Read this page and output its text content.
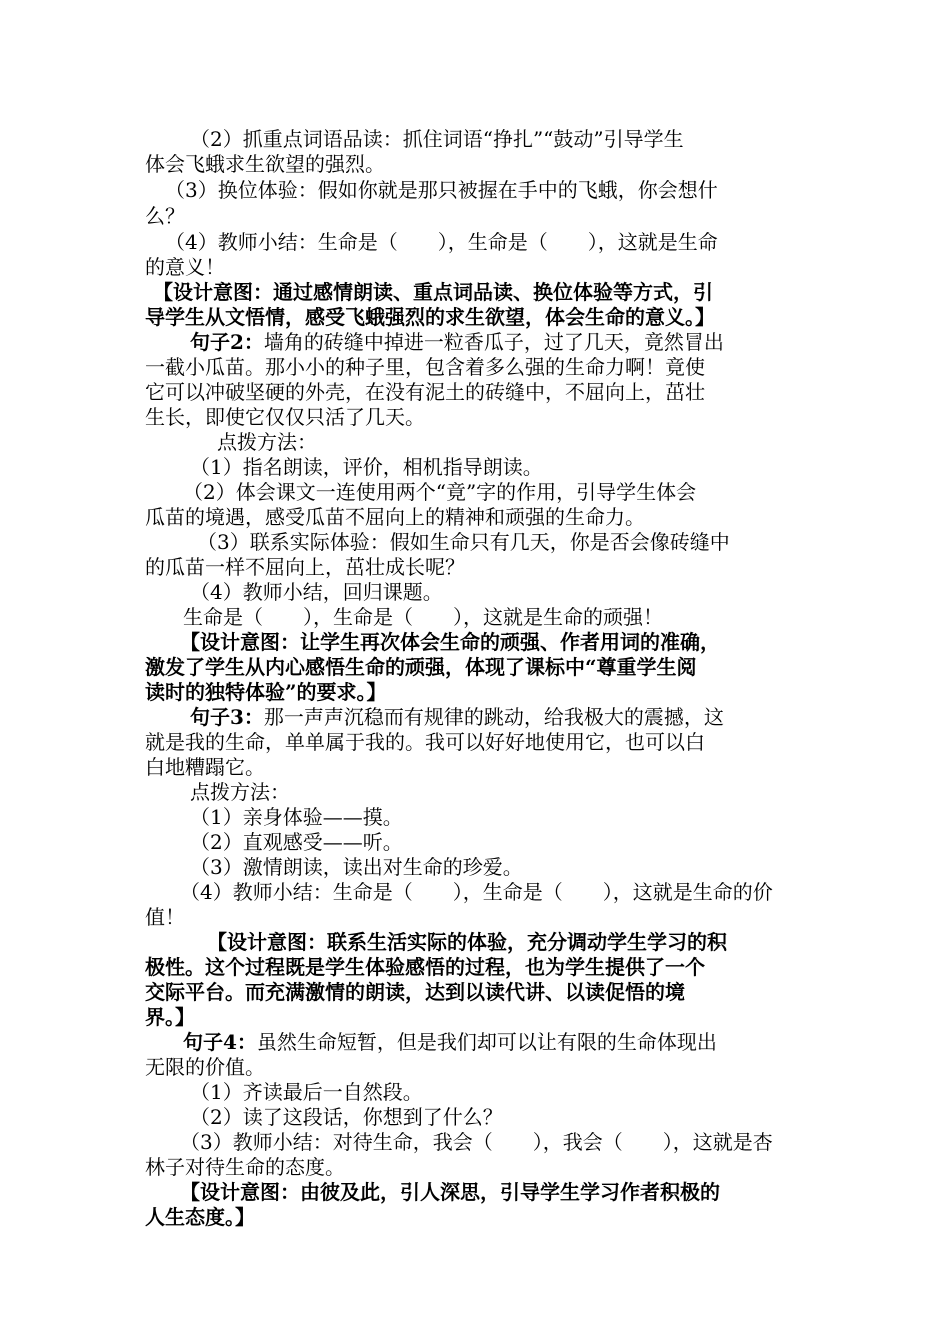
（2）抓重点词语品读：抓住词语“挣扎”“鼓动”引导学生
体会飞蛾求生欲望的强烈。
（3）换位体验：假如你就是那只被握在手中的飞蛾，你会想什
么？
（4）教师小结：生命是（　　），生命是（　　），这就是生命
的意义！
【设计意图：通过感情朗读、重点词品读、换位体验等方式，引
导学生从文悟情，感受飞蛾强烈的求生欲望，体会生命的意义。】
句子2：墙角的砖缝中掉进一粒香瓜子，过了几天，竟然冒出
一截小瓜苗。那小小的种子里，包含着多么强的生命力啊！竟使
它可以冲破坚硬的外壳，在没有泥土的砖缝中，不屈向上，茁壮
生长，即使它仅仅只活了几天。
点拨方法：
（1）指名朗读，评价，相机指导朗读。
（2）体会课文一连使用两个“竟”字的作用，引导学生体会
瓜苗的境遇，感受瓜苗不屈向上的精神和顽强的生命力。
（3）联系实际体验：假如生命只有几天，你是否会像砖缝中
的瓜苗一样不屈向上，茁壮成长呢？
（4）教师小结，回归课题。
生命是（　　），生命是（　　），这就是生命的顽强！
【设计意图：让学生再次体会生命的顽强、作者用词的准确，
激发了学生从内心感悟生命的顽强，体现了课标中“尊重学生阅
读时的独特体验”的要求。】
句子3：那一声声沉稳而有规律的跳动，给我极大的震撼，这
就是我的生命，单单属于我的。我可以好好地使用它，也可以白
白地糟蹋它。
点拨方法：
（1）亲身体验——摸。
（2）直观感受——听。
（3）激情朗读，读出对生命的珍爱。
（4）教师小结：生命是（　　），生命是（　　），这就是生命的价
值！
【设计意图：联系生活实际的体验，充分调动学生学习的积
极性。这个过程既是学生体验感悟的过程，也为学生提供了一个
交际平台。而充满激情的朗读，达到以读代讲、以读促悟的境
界。】
句子4：虽然生命短暂，但是我们却可以让有限的生命体现出
无限的价值。
（1）齐读最后一自然段。
（2）读了这段话，你想到了什么？
（3）教师小结：对待生命，我会（　　），我会（　　），这就是杏
林子对待生命的态度。
【设计意图：由彼及此，引人深思，引导学生学习作者积极的
人生态度。】
